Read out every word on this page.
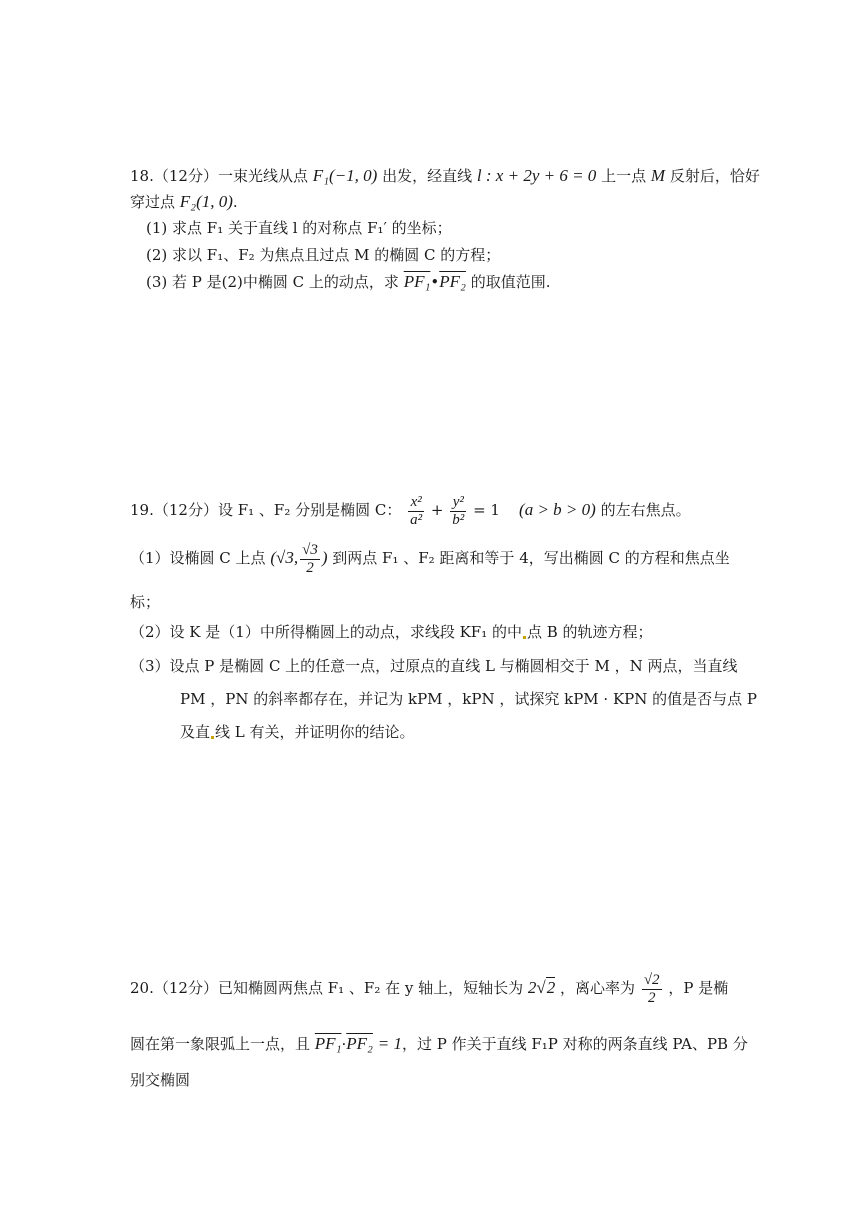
18.（12分）一束光线从点 F₁(−1, 0) 出发，经直线 l : x + 2y + 6 = 0 上一点 M 反射后，恰好
穿过点 F₂(1, 0).
(1) 求点 F₁ 关于直线 l 的对称点 F₁′ 的坐标；
(2) 求以 F₁、F₂ 为焦点且过点 M 的椭圆 C 的方程；
(3) 若 P 是(2)中椭圆 C 上的动点，求 PF₁•PF₂ 的取值范围.
19.（12分）设 F₁ 、F₂ 分别是椭圆 C： $\frac{\text{x²}}{\text{a²}} + \frac{\text{y²}}{\text{b²}} = 1$ (a > b > 0) 的左右焦点。
（1）设椭圆 C 上点 (√3, $\frac{√3}{2}$ ) 到两点 F₁ 、F₂ 距离和等于 4，写出椭圆 C 的方程和焦点坐
标；
（2）设 K 是（1）中所得椭圆上的动点，求线段 KF₁ 的中 点 B 的轨迹方程；
（3）设点 P 是椭圆 C 上的任意一点，过原点的直线 L 与椭圆相交于 M ，N 两点，当直线
PM ，PN 的斜率都存在，并记为 kPM ，kPN ，试探究 kPM · KPN 的值是否与点 P
及直 线 L 有关，并证明你的结论。
20.（12分）已知椭圆两焦点 F₁ 、F₂ 在 y 轴上，短轴长为 2√2 ，离心率为 $\frac{√2}{2}$ ，P 是椭
圆在第一象限弧上一点，且 PF₁·PF₂ = 1，过 P 作关于直线 F₁P 对称的两条直线 PA、PB 分
别交椭圆
